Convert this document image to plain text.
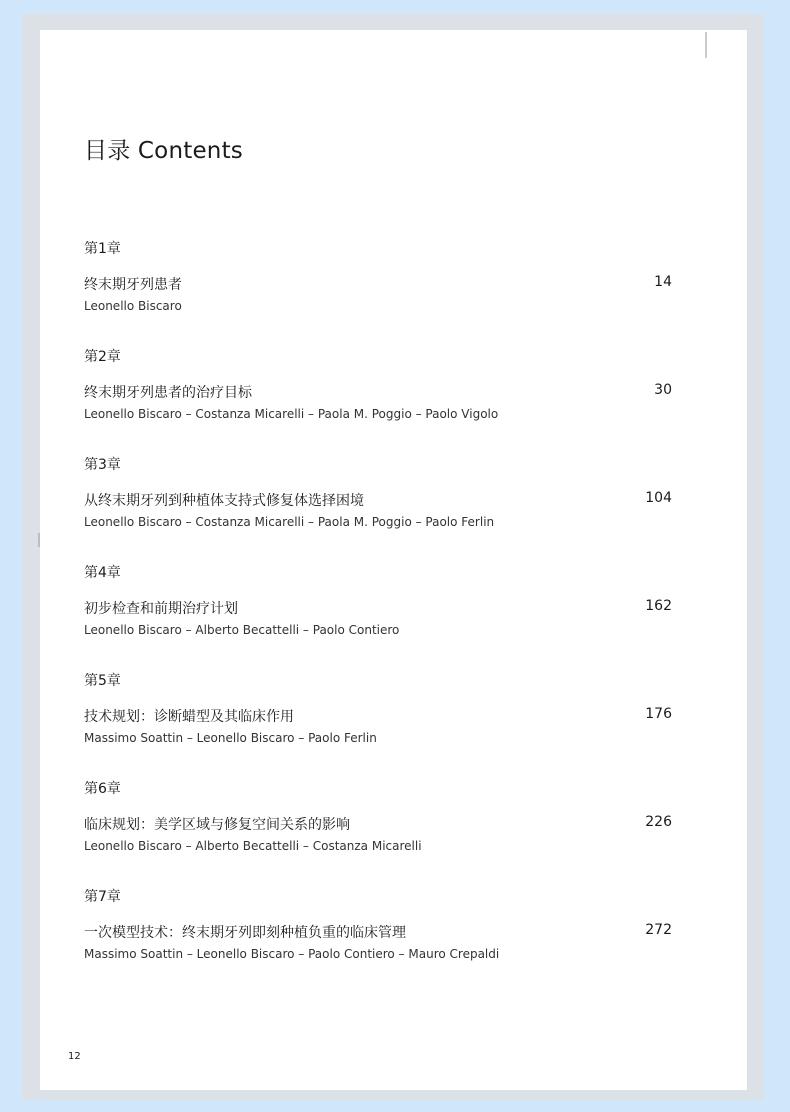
目录 Contents
第1章
终末期牙列患者	14
Leonello Biscaro
第2章
终末期牙列患者的治疗目标	30
Leonello Biscaro – Costanza Micarelli – Paola M. Poggio – Paolo Vigolo
第3章
从终末期牙列到种植体支持式修复体选择困境	104
Leonello Biscaro – Costanza Micarelli – Paola M. Poggio – Paolo Ferlin
第4章
初步检查和前期治疗计划	162
Leonello Biscaro – Alberto Becattelli – Paolo Contiero
第5章
技术规划：诊断蜡型及其临床作用	176
Massimo Soattin – Leonello Biscaro – Paolo Ferlin
第6章
临床规划：美学区域与修复空间关系的影响	226
Leonello Biscaro – Alberto Becattelli – Costanza Micarelli
第7章
一次模型技术：终末期牙列即刻种植负重的临床管理	272
Massimo Soattin – Leonello Biscaro – Paolo Contiero – Mauro Crepaldi
12
